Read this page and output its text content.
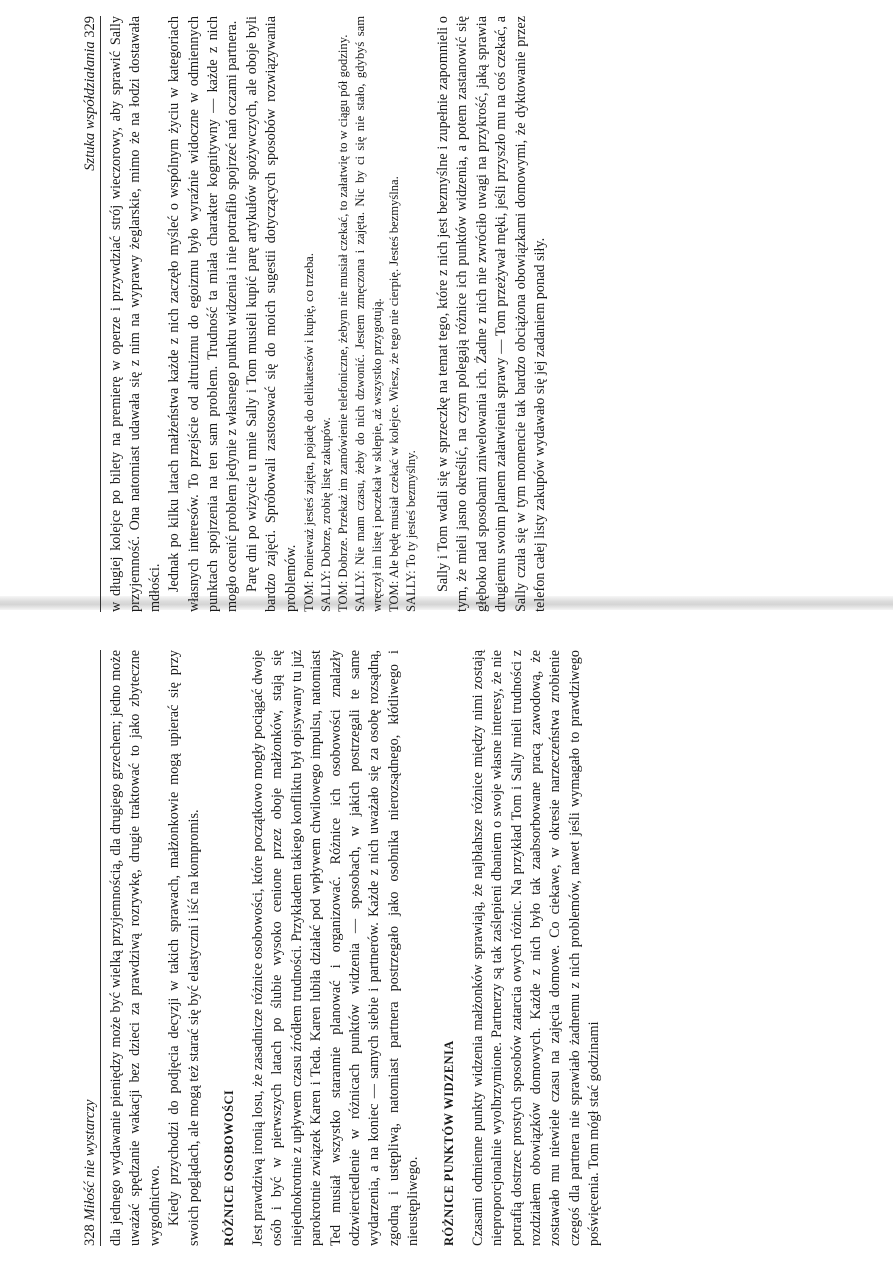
328 Miłość nie wystarczy dla jednego wydawanie pieniędzy może być wielką przyjemnością, dla drugiego grzechem; jedno może uważać spędzanie wakacji bez dzieci za prawdziwą rozrywkę, drugie traktować to jako zbyteczne wygodnictwo. Kiedy przychodzi do podjęcia decyzji w takich sprawach, małżonkowie mogą upierać się przy swoich poglądach, ale mogą też starać się być elastyczni i iść na kompromis. RÓŻNICE OSOBOWOŚCI Jest prawdziwą ironią losu, że zasadnicze różnice osobowości, które początkowo mogły pociągać dwoje osób i być w pierwszych latach po ślubie wysoko cenione przez oboje małżonków, stają się niejednokrotnie z upływem czasu źródłem trudności. Przykładem takiego konfliktu był opisywany tu już parokrotnie związek Karen i Teda. Karen lubiła działać pod wpływem chwilowego impulsu, natomiast Ted musiał wszystko starannie planować i organizować. Różnice ich osobowości znalazły odzwierciedlenie w różnicach punktów widzenia — sposobach, w jakich postrzegali te same wydarzenia, a na koniec — samych siebie i partnerów. Każde z nich uważało się za osobę rozsądną, zgodną i ustępliwą, natomiast partnera postrzegało jako osobnika nierozsądnego, kłótliwego i nieustępliwego. RÓŻNICE PUNKTÓW WIDZENIA Czasami odmienne punkty widzenia małżonków sprawiają, że najbłahsze różnice między nimi zostają nieproporcjonalnie wyolbrzymione. Partnerzy są tak zaślepieni dbaniem o swoje własne interesy, że nie potrafią dostrzec prostych sposobów zatarcia owych różnic. Na przykład Tom i Sally mieli trudności z rozdziałem obowiązków domowych. Każde z nich było tak zaabsorbowane pracą zawodową, że zostawało mu niewiele czasu na zajęcia domowe. Co ciekawe, w okresie narzeczeństwa zrobienie czegoś dla partnera nie sprawiało żadnemu z nich problemów, nawet jeśli wymagało to prawdziwego poświęcenia. Tom mógł stać godzinami

Sztuka współdziałania 329 w długiej kolejce po bilety na premierę w operze i przywdziać strój wieczorowy, aby sprawić Sally przyjemność. Ona natomiast udawała się z nim na wyprawy żeglarskie, mimo że na łodzi dostawała mdłości. Jednak po kilku latach małżeństwa każde z nich zaczęło myśleć o wspólnym życiu w kategoriach własnych interesów. To przejście od altruizmu do egoizmu było wyraźnie widoczne w odmiennych punktach spojrzenia na ten sam problem. Trudność ta miała charakter kognitywny — każde z nich mogło ocenić problem jedynie z własnego punktu widzenia i nie potrafiło spojrzeć nań oczami partnera. Parę dni po wizycie u mnie Sally i Tom musieli kupić parę artykułów spożywczych, ale oboje byli bardzo zajęci. Spróbowali zastosować się do moich sugestii dotyczących sposobów rozwiązywania problemów. TOM: Ponieważ jesteś zajęta, pojadę do delikatesów i kupię, co trzeba. SALLY: Dobrze, zrobię listę zakupów. TOM: Dobrze. Przekaż im zamówienie telefoniczne, żebym nie musiał czekać, to załatwię to w ciągu pół godziny. SALLY: Nie mam czasu, żeby do nich dzwonić. Jestem zmęczona i zajęta. Nic by ci się nie stało, gdybyś sam wręczył im listę i poczekał w sklepie, aż wszystko przygotują. TOM: Ale będę musiał czekać w kolejce. Wiesz, że tego nie cierpię. Jesteś bezmyślna. SALLY: To ty jesteś bezmyślny. Sally i Tom wdali się w sprzeczkę na temat tego, które z nich jest bezmyślne i zupełnie zapomnieli o tym, że mieli jasno określić, na czym polegają różnice ich punktów widzenia, a potem zastanowić się głęboko nad sposobami zniwelowania ich. Żadne z nich nie zwróciło uwagi na przykrość, jaką sprawia drugiemu swoim planem załatwienia sprawy — Tom przeżywał męki, jeśli przyszło mu na coś czekać, a Sally czuła się w tym momencie tak bardzo obciążona obowiązkami domowymi, że dyktowanie przez telefon całej listy zakupów wydawało się jej zadaniem ponad siły.
